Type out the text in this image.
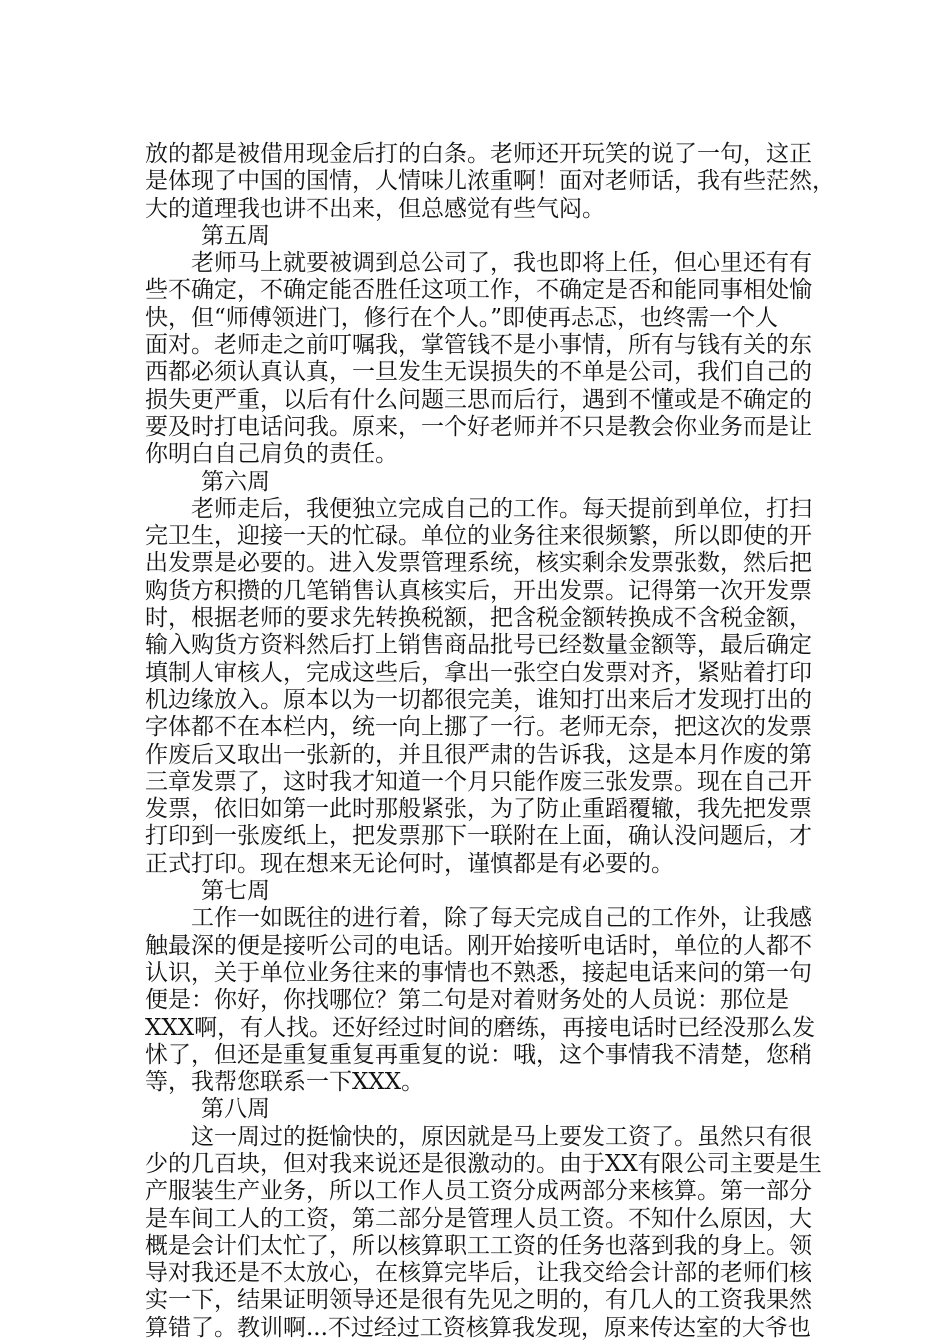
放的都是被借用现金后打的白条。老师还开玩笑的说了一句，这正
是体现了中国的国情，人情味儿浓重啊！面对老师话，我有些茫然，
大的道理我也讲不出来，但总感觉有些气闷。
第五周
　　老师马上就要被调到总公司了，我也即将上任，但心里还有有
些不确定，不确定能否胜任这项工作，不确定是否和能同事相处愉
快，但“师傅领进门，修行在个人。”即使再忐忑，也终需一个人
面对。老师走之前叮嘱我，掌管钱不是小事情，所有与钱有关的东
西都必须认真认真，一旦发生无误损失的不单是公司，我们自己的
损失更严重，以后有什么问题三思而后行，遇到不懂或是不确定的
要及时打电话问我。原来，一个好老师并不只是教会你业务而是让
你明白自己肩负的责任。
第六周
　　老师走后，我便独立完成自己的工作。每天提前到单位，打扫
完卫生，迎接一天的忙碌。单位的业务往来很频繁，所以即使的开
出发票是必要的。进入发票管理系统，核实剩余发票张数，然后把
购货方积攒的几笔销售认真核实后，开出发票。记得第一次开发票
时，根据老师的要求先转换税额，把含税金额转换成不含税金额，
输入购货方资料然后打上销售商品批号已经数量金额等，最后确定
填制人审核人，完成这些后，拿出一张空白发票对齐，紧贴着打印
机边缘放入。原本以为一切都很完美，谁知打出来后才发现打出的
字体都不在本栏内，统一向上挪了一行。老师无奈，把这次的发票
作废后又取出一张新的，并且很严肃的告诉我，这是本月作废的第
三章发票了，这时我才知道一个月只能作废三张发票。现在自己开
发票，依旧如第一此时那般紧张，为了防止重蹈覆辙，我先把发票
打印到一张废纸上，把发票那下一联附在上面，确认没问题后，才
正式打印。现在想来无论何时，谨慎都是有必要的。
第七周
　　工作一如既往的进行着，除了每天完成自己的工作外，让我感
触最深的便是接听公司的电话。刚开始接听电话时，单位的人都不
认识，关于单位业务往来的事情也不熟悉，接起电话来问的第一句
便是：你好，你找哪位？第二句是对着财务处的人员说：那位是
XXX啊，有人找。还好经过时间的磨练，再接电话时已经没那么发
怵了，但还是重复重复再重复的说：哦，这个事情我不清楚，您稍
等，我帮您联系一下XXX。
第八周
　　这一周过的挺愉快的，原因就是马上要发工资了。虽然只有很
少的几百块，但对我来说还是很激动的。由于XX有限公司主要是生
产服装生产业务，所以工作人员工资分成两部分来核算。第一部分
是车间工人的工资，第二部分是管理人员工资。不知什么原因，大
概是会计们太忙了，所以核算职工工资的任务也落到我的身上。领
导对我还是不太放心，在核算完毕后，让我交给会计部的老师们核
实一下，结果证明领导还是很有先见之明的，有几人的工资我果然
算错了。教训啊...不过经过工资核算我发现，原来传达室的大爷也
